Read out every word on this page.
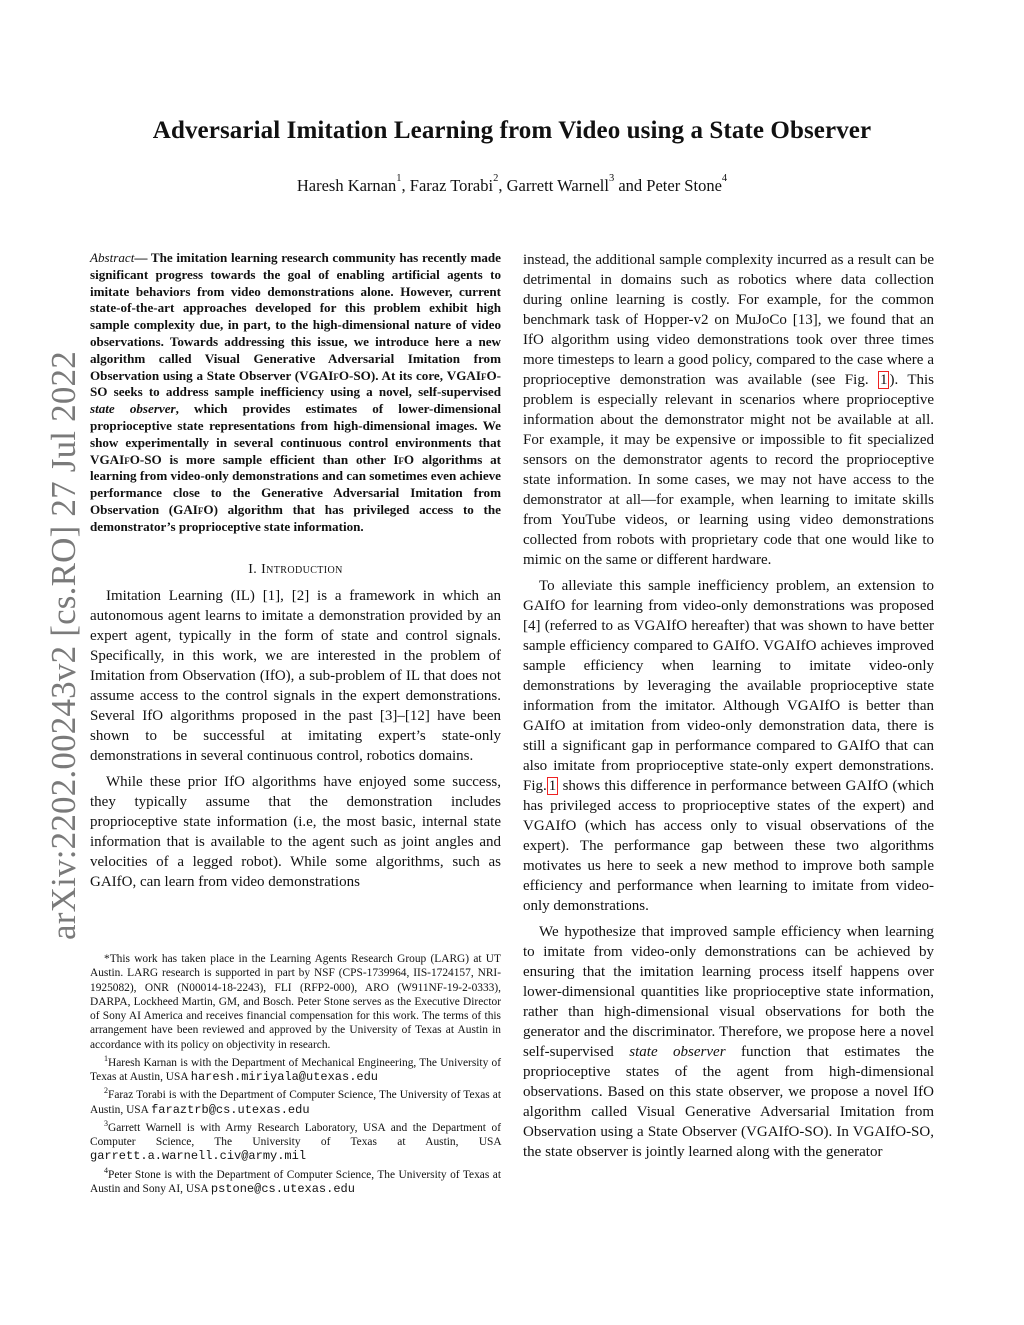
arXiv:2202.00243v2 [cs.RO] 27 Jul 2022
Adversarial Imitation Learning from Video using a State Observer
Haresh Karnan$^1$, Faraz Torabi$^2$, Garrett Warnell$^3$ and Peter Stone$^4$

Abstract— The imitation learning research community has recently made significant progress towards the goal of enabling artificial agents to imitate behaviors from video demonstrations alone. However, current state-of-the-art approaches developed for this problem exhibit high sample complexity due, in part, to the high-dimensional nature of video observations. Towards addressing this issue, we introduce here a new algorithm called Visual Generative Adversarial Imitation from Observation using a State Observer (VGAIfO-SO). At its core, VGAIfO-SO seeks to address sample inefficiency using a novel, self-supervised state observer, which provides estimates of lower-dimensional proprioceptive state representations from high-dimensional images. We show experimentally in several continuous control environments that VGAIfO-SO is more sample efficient than other IfO algorithms at learning from video-only demonstrations and can sometimes even achieve performance close to the Generative Adversarial Imitation from Observation (GAIfO) algorithm that has privileged access to the demonstrator’s proprioceptive state information.

I. Introduction

Imitation Learning (IL) [1], [2] is a framework in which an autonomous agent learns to imitate a demonstration provided by an expert agent, typically in the form of state and control signals. Specifically, in this work, we are interested in the problem of Imitation from Observation (IfO), a sub-problem of IL that does not assume access to the control signals in the expert demonstrations. Several IfO algorithms proposed in the past [3]–[12] have been shown to be successful at imitating expert’s state-only demonstrations in several continuous control, robotics domains.

While these prior IfO algorithms have enjoyed some success, they typically assume that the demonstration includes proprioceptive state information (i.e, the most basic, internal state information that is available to the agent such as joint angles and velocities of a legged robot). While some algorithms, such as GAIfO, can learn from video demonstrations

*This work has taken place in the Learning Agents Research Group (LARG) at UT Austin. LARG research is supported in part by NSF (CPS-1739964, IIS-1724157, NRI-1925082), ONR (N00014-18-2243), FLI (RFP2-000), ARO (W911NF-19-2-0333), DARPA, Lockheed Martin, GM, and Bosch. Peter Stone serves as the Executive Director of Sony AI America and receives financial compensation for this work. The terms of this arrangement have been reviewed and approved by the University of Texas at Austin in accordance with its policy on objectivity in research.

$^1$Haresh Karnan is with the Department of Mechanical Engineering, The University of Texas at Austin, USA haresh.miriyala@utexas.edu

$^2$Faraz Torabi is with the Department of Computer Science, The University of Texas at Austin, USA faraztrb@cs.utexas.edu

$^3$Garrett Warnell is with Army Research Laboratory, USA and the Department of Computer Science, The University of Texas at Austin, USA garrett.a.warnell.civ@army.mil

$^4$Peter Stone is with the Department of Computer Science, The University of Texas at Austin and Sony AI, USA pstone@cs.utexas.edu

instead, the additional sample complexity incurred as a result can be detrimental in domains such as robotics where data collection during online learning is costly. For example, for the common benchmark task of Hopper-v2 on MuJoCo [13], we found that an IfO algorithm using video demonstrations took over three times more timesteps to learn a good policy, compared to the case where a proprioceptive demonstration was available (see Fig. 1 ). This problem is especially relevant in scenarios where proprioceptive information about the demonstrator might not be available at all. For example, it may be expensive or impossible to fit specialized sensors on the demonstrator agents to record the proprioceptive state information. In some cases, we may not have access to the demonstrator at all—for example, when learning to imitate skills from YouTube videos, or learning using video demonstrations collected from robots with proprietary code that one would like to mimic on the same or different hardware.

To alleviate this sample inefficiency problem, an extension to GAIfO for learning from video-only demonstrations was proposed [4] (referred to as VGAIfO hereafter) that was shown to have better sample efficiency compared to GAIfO. VGAIfO achieves improved sample efficiency when learning to imitate video-only demonstrations by leveraging the available proprioceptive state information from the imitator. Although VGAIfO is better than GAIfO at imitation from video-only demonstration data, there is still a significant gap in performance compared to GAIfO that can also imitate from proprioceptive state-only expert demonstrations. Fig. 1 shows this difference in performance between GAIfO (which has privileged access to proprioceptive states of the expert) and VGAIfO (which has access only to visual observations of the expert). The performance gap between these two algorithms motivates us here to seek a new method to improve both sample efficiency and performance when learning to imitate from video-only demonstrations.

We hypothesize that improved sample efficiency when learning to imitate from video-only demonstrations can be achieved by ensuring that the imitation learning process itself happens over lower-dimensional quantities like proprioceptive state information, rather than high-dimensional visual observations for both the generator and the discriminator. Therefore, we propose here a novel self-supervised state observer function that estimates the proprioceptive states of the agent from high-dimensional observations. Based on this state observer, we propose a novel IfO algorithm called Visual Generative Adversarial Imitation from Observation using a State Observer (VGAIfO-SO). In VGAIfO-SO, the state observer is jointly learned along with the generator
